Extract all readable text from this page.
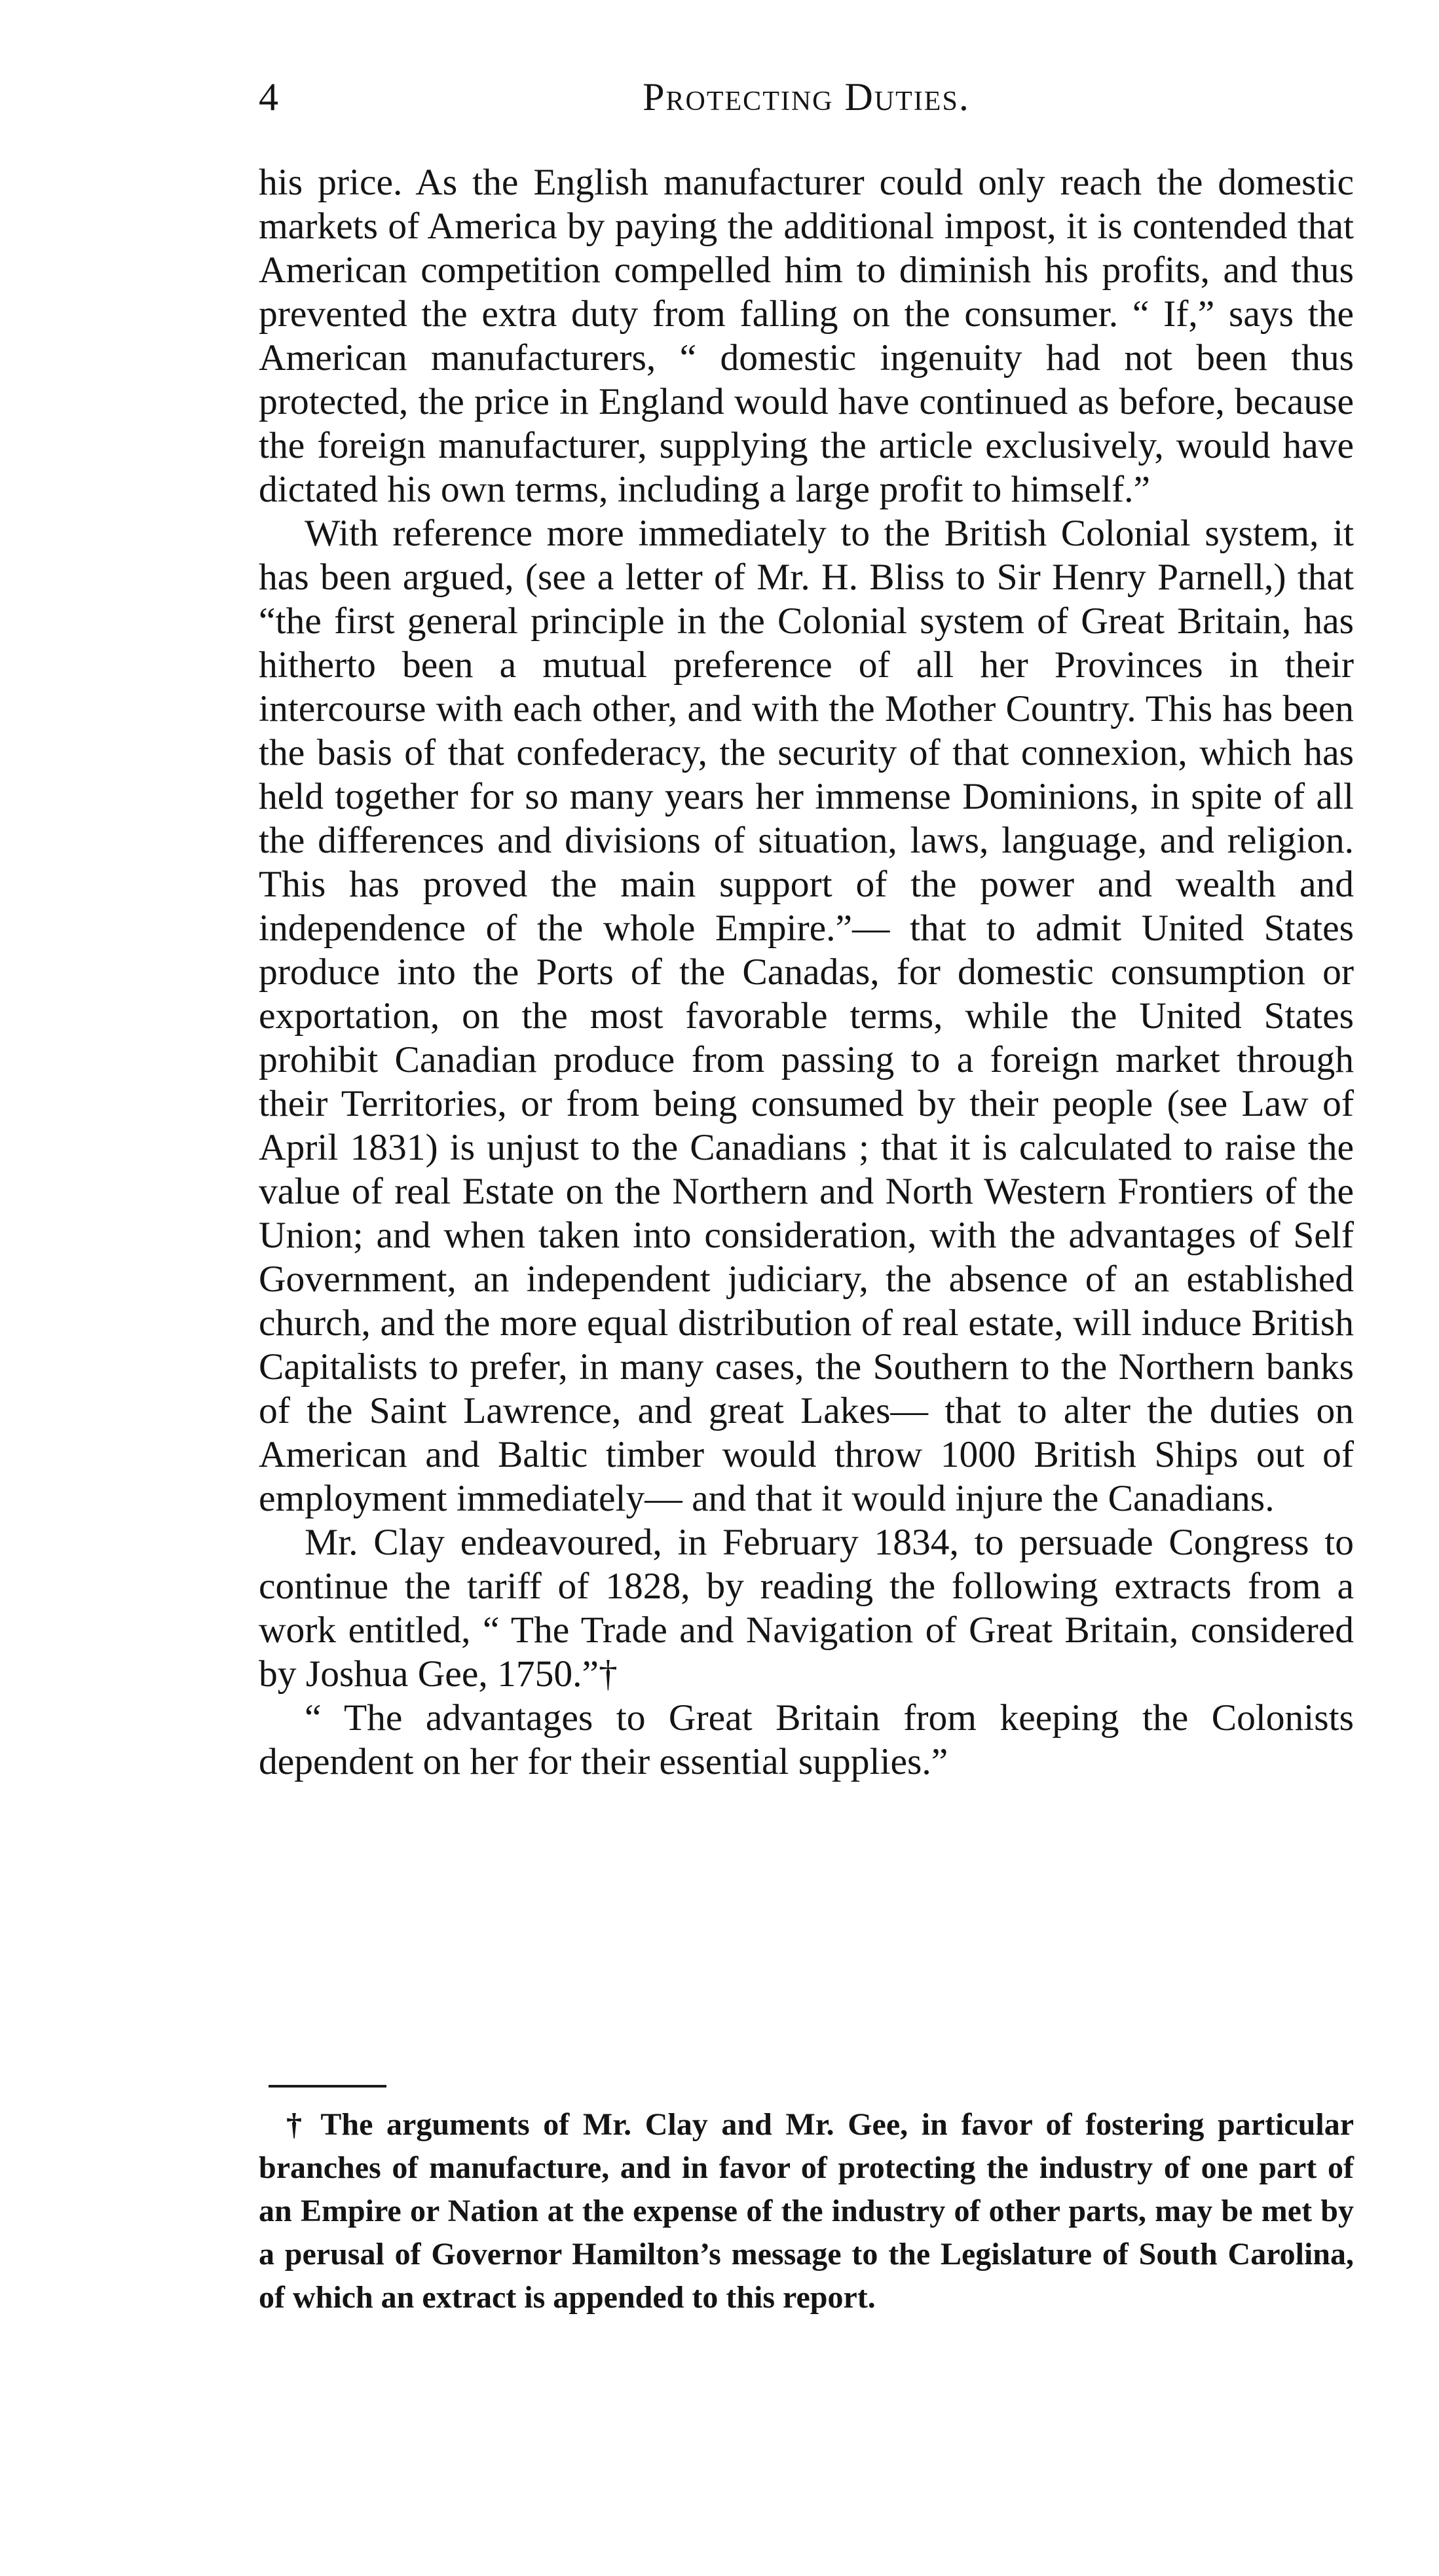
4	Protecting Duties.

his price. As the English manufacturer could only reach the domestic markets of America by paying the additional impost, it is contended that American competition compelled him to diminish his profits, and thus prevented the extra duty from falling on the consumer. “ If,” says the American manufacturers, “ domestic ingenuity had not been thus protected, the price in England would have continued as before, because the foreign manufacturer, supplying the article exclusively, would have dictated his own terms, including a large profit to himself.”

With reference more immediately to the British Colonial system, it has been argued, (see a letter of Mr. H. Bliss to Sir Henry Parnell,) that “the first general principle in the Colonial system of Great Britain, has hitherto been a mutual preference of all her Provinces in their intercourse with each other, and with the Mother Country. This has been the basis of that confederacy, the security of that connexion, which has held together for so many years her immense Dominions, in spite of all the differences and divisions of situation, laws, language, and religion. This has proved the main support of the power and wealth and independence of the whole Empire.”— that to admit United States produce into the Ports of the Canadas, for domestic consumption or exportation, on the most favorable terms, while the United States prohibit Canadian produce from passing to a foreign market through their Territories, or from being consumed by their people (see Law of April 1831) is unjust to the Canadians ; that it is calculated to raise the value of real Estate on the Northern and North Western Frontiers of the Union; and when taken into consideration, with the advantages of Self Government, an independent judiciary, the absence of an established church, and the more equal distribution of real estate, will induce British Capitalists to prefer, in many cases, the Southern to the Northern banks of the Saint Lawrence, and great Lakes— that to alter the duties on American and Baltic timber would throw 1000 British Ships out of employment immediately— and that it would injure the Canadians.

Mr. Clay endeavoured, in February 1834, to persuade Congress to continue the tariff of 1828, by reading the following extracts from a work entitled, “ The Trade and Navigation of Great Britain, considered by Joshua Gee, 1750.”†

“ The advantages to Great Britain from keeping the Colonists dependent on her for their essential supplies.”

† The arguments of Mr. Clay and Mr. Gee, in favor of fostering particular branches of manufacture, and in favor of protecting the industry of one part of an Empire or Nation at the expense of the industry of other parts, may be met by a perusal of Governor Hamilton’s message to the Legislature of South Carolina, of which an extract is appended to this report.
